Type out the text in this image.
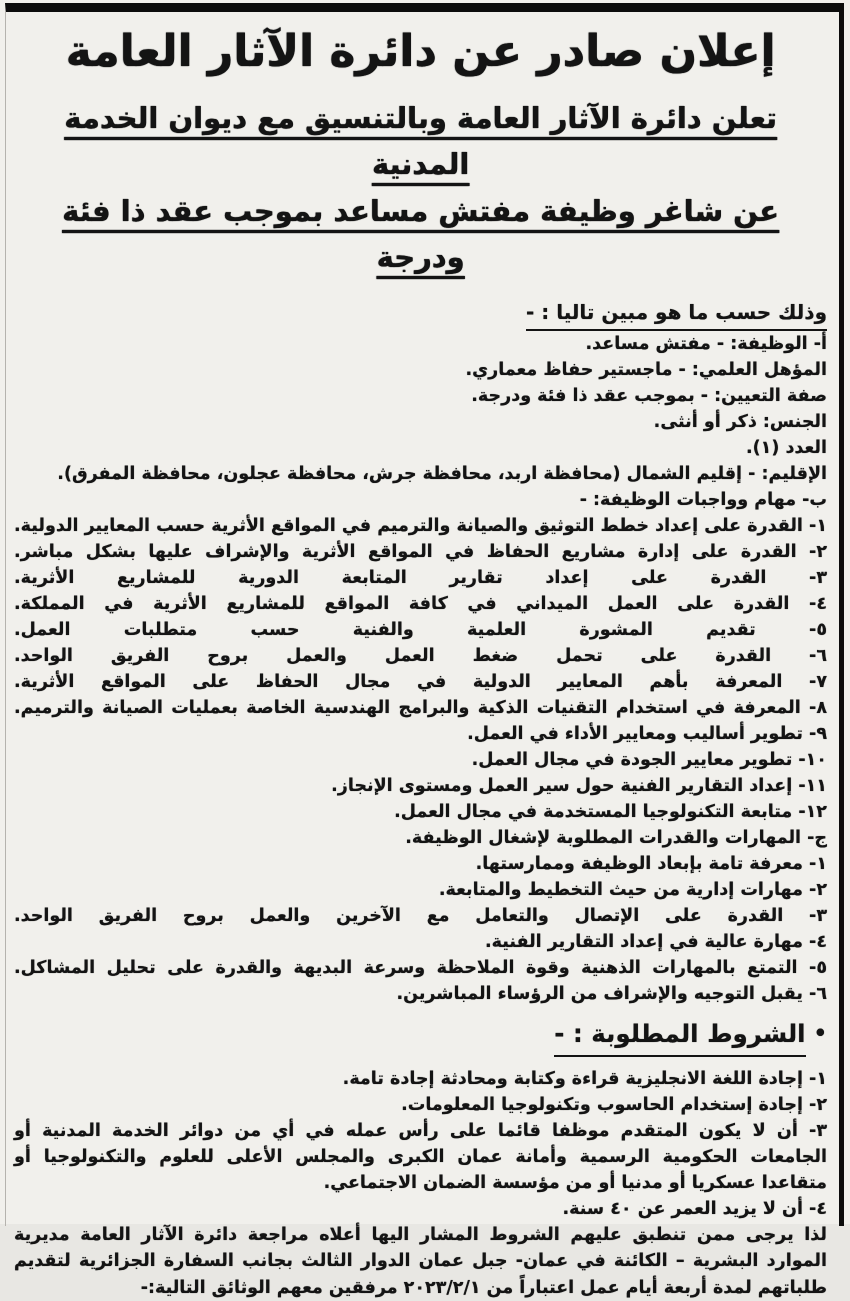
إعلان صادر عن دائرة الآثار العامة
تعلن دائرة الآثار العامة وبالتنسيق مع ديوان الخدمة المدنية
عن شاغر وظيفة مفتش مساعد بموجب عقد ذا فئة ودرجة
وذلك حسب ما هو مبين تاليا : -
أ- الوظيفة: - مفتش مساعد.
المؤهل العلمي: - ماجستير حفاظ معماري.
صفة التعيين: - بموجب عقد ذا فئة ودرجة.
الجنس: ذكر أو أنثى.
العدد (١).
الإقليم: - إقليم الشمال (محافظة اربد، محافظة جرش، محافظة عجلون، محافظة المفرق).
ب- مهام وواجبات الوظيفة: -
١- القدرة على إعداد خطط التوثيق والصيانة والترميم في المواقع الأثرية حسب المعايير الدولية.
٢- القدرة على إدارة مشاريع الحفاظ في المواقع الأثرية والإشراف عليها بشكل مباشر.
٣- القدرة على إعداد تقارير المتابعة الدورية للمشاريع الأثرية.
٤- القدرة على العمل الميداني في كافة المواقع للمشاريع الأثرية في المملكة.
٥- تقديم المشورة العلمية والفنية حسب متطلبات العمل.
٦- القدرة على تحمل ضغط العمل والعمل بروح الفريق الواحد.
٧- المعرفة بأهم المعايير الدولية في مجال الحفاظ على المواقع الأثرية.
٨- المعرفة في استخدام التقنيات الذكية والبرامج الهندسية الخاصة بعمليات الصيانة والترميم.
٩- تطوير أساليب ومعايير الأداء في العمل.
١٠- تطوير معايير الجودة في مجال العمل.
١١- إعداد التقارير الفنية حول سير العمل ومستوى الإنجاز.
١٢- متابعة التكنولوجيا المستخدمة في مجال العمل.
ج- المهارات والقدرات المطلوبة لإشغال الوظيفة.
١- معرفة تامة بإبعاد الوظيفة وممارستها.
٢- مهارات إدارية من حيث التخطيط والمتابعة.
٣- القدرة على الإتصال والتعامل مع الآخرين والعمل بروح الفريق الواحد.
٤- مهارة عالية في إعداد التقارير الفنية.
٥- التمتع بالمهارات الذهنية وقوة الملاحظة وسرعة البديهة والقدرة على تحليل المشاكل.
٦- يقبل التوجيه والإشراف من الرؤساء المباشرين.
•الشروط المطلوبة : -
١- إجادة اللغة الانجليزية قراءة وكتابة ومحادثة إجادة تامة.
٢- إجادة إستخدام الحاسوب وتكنولوجيا المعلومات.
٣- أن لا يكون المتقدم موظفا قائما على رأس عمله في أي من دوائر الخدمة المدنية أو الجامعات الحكومية الرسمية وأمانة عمان الكبرى والمجلس الأعلى للعلوم والتكنولوجيا أو متقاعدا عسكريا أو مدنيا أو من مؤسسة الضمان الاجتماعي.
٤- أن لا يزيد العمر عن ٤٠ سنة.

لذا يرجى ممن تنطبق عليهم الشروط المشار اليها أعلاه مراجعة دائرة الآثار العامة مديرية الموارد البشرية – الكائنة في عمان- جبل عمان الدوار الثالث بجانب السفارة الجزائرية لتقديم طلباتهم لمدة أربعة أيام عمل اعتباراً من ٢٠٢٣/٢/١ مرفقين معهم الوثائق التالية:-
